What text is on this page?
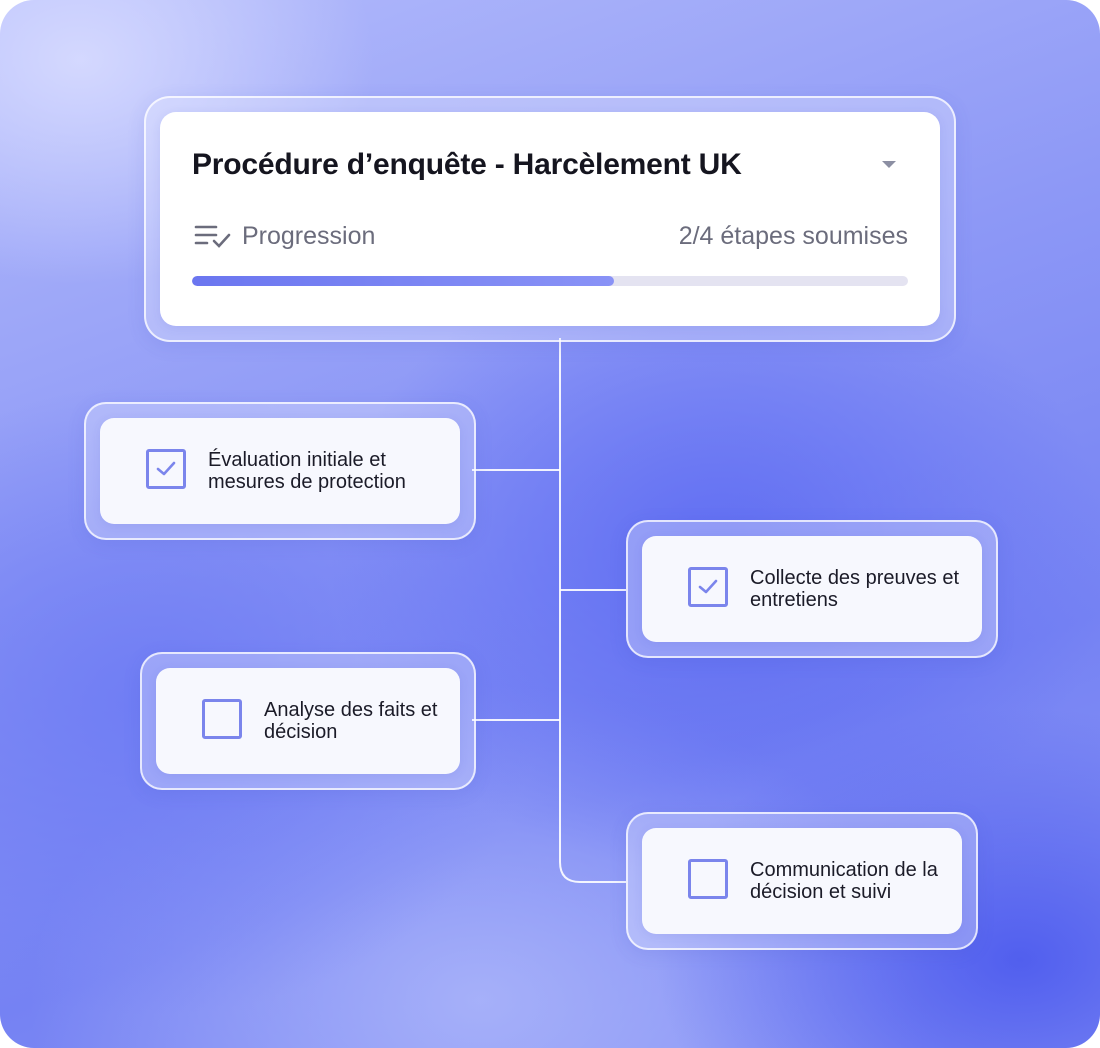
Procédure d’enquête - Harcèlement UK
Progression	2/4 étapes soumises
Évaluation initiale et mesures de protection
Collecte des preuves et entretiens
Analyse des faits et décision
Communication de la décision et suivi
